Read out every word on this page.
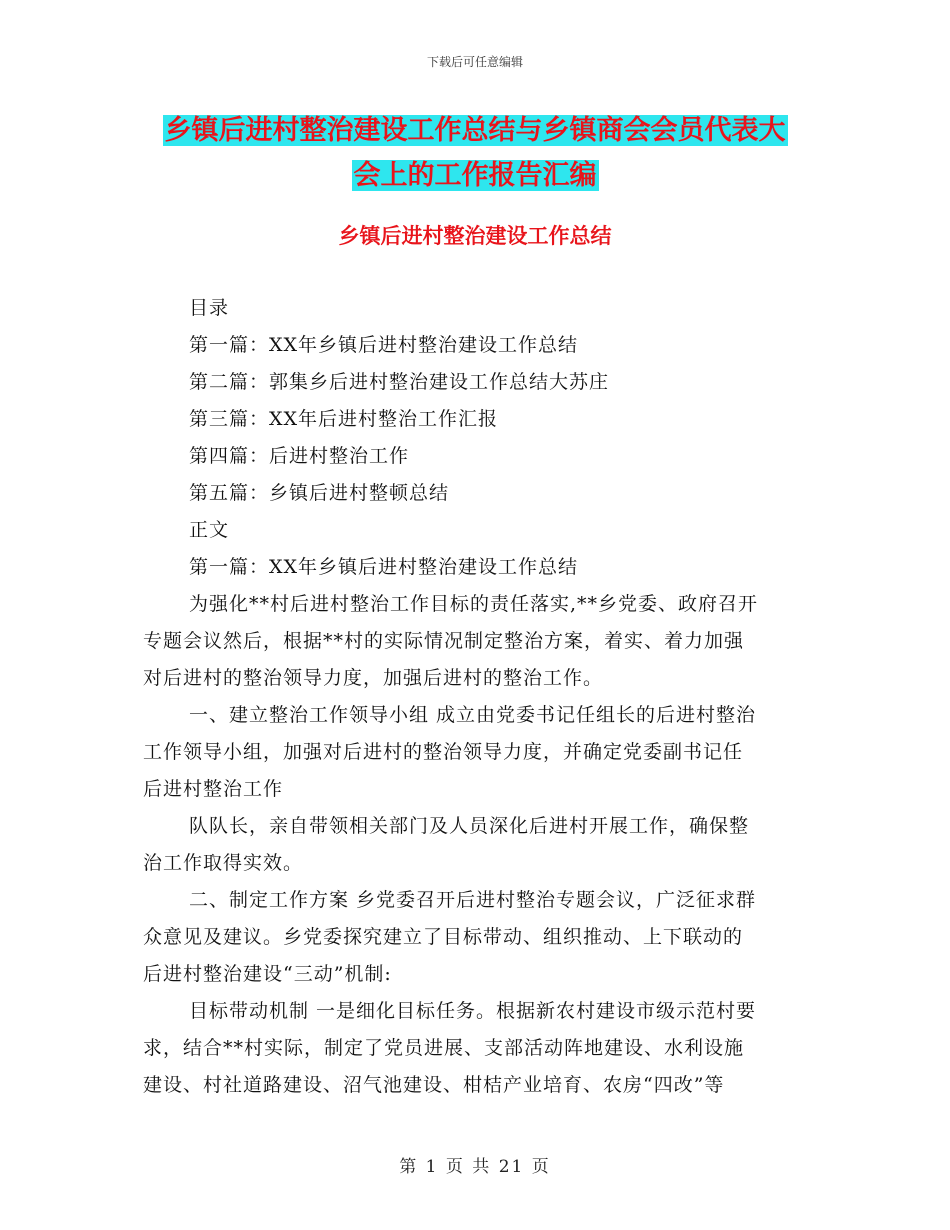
下载后可任意编辑
乡镇后进村整治建设工作总结与乡镇商会会员代表大
会上的工作报告汇编
乡镇后进村整治建设工作总结
目录
第一篇：XX年乡镇后进村整治建设工作总结
第二篇：郭集乡后进村整治建设工作总结大苏庄
第三篇：XX年后进村整治工作汇报
第四篇：后进村整治工作
第五篇：乡镇后进村整顿总结
正文
第一篇：XX年乡镇后进村整治建设工作总结
为强化**村后进村整治工作目标的责任落实,**乡党委、政府召开
专题会议然后，根据**村的实际情况制定整治方案，着实、着力加强
对后进村的整治领导力度，加强后进村的整治工作。
一、建立整治工作领导小组 成立由党委书记任组长的后进村整治
工作领导小组，加强对后进村的整治领导力度，并确定党委副书记任
后进村整治工作
队队长，亲自带领相关部门及人员深化后进村开展工作，确保整
治工作取得实效。
二、制定工作方案 乡党委召开后进村整治专题会议，广泛征求群
众意见及建议。乡党委探究建立了目标带动、组织推动、上下联动的
后进村整治建设“三动”机制:
目标带动机制 一是细化目标任务。根据新农村建设市级示范村要
求，结合**村实际，制定了党员进展、支部活动阵地建设、水利设施
建设、村社道路建设、沼气池建设、柑桔产业培育、农房“四改”等
第 1 页 共 21 页
